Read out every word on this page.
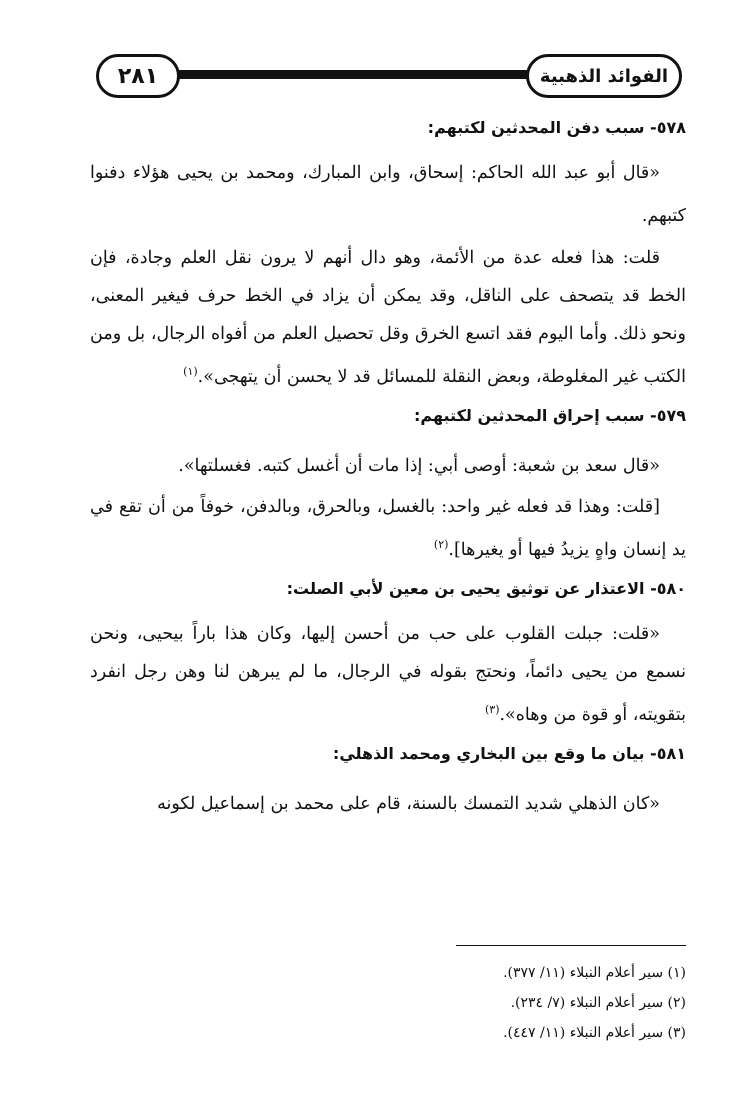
٢٨١	الفوائد الذهبية
٥٧٨- سبب دفن المحدثين لكتبهم:

«قال أبو عبد الله الحاكم: إسحاق، وابن المبارك، ومحمد بن يحيى هؤلاء دفنوا كتبهم.

قلت: هذا فعله عدة من الأئمة، وهو دال أنهم لا يرون نقل العلم وجادة، فإن الخط قد يتصحف على الناقل، وقد يمكن أن يزاد في الخط حرف فيغير المعنى، ونحو ذلك. وأما اليوم فقد اتسع الخرق وقل تحصيل العلم من أفواه الرجال، بل ومن الكتب غير المغلوطة، وبعض النقلة للمسائل قد لا يحسن أن يتهجى».$^{(١)}$

٥٧٩- سبب إحراق المحدثين لكتبهم:

«قال سعد بن شعبة: أوصى أبي: إذا مات أن أغسل كتبه. فغسلتها».

[قلت: وهذا قد فعله غير واحد: بالغسل، وبالحرق، وبالدفن، خوفاً من أن تقع في يد إنسان واهٍ يزيدُ فيها أو يغيرها].$^{(٢)}$

٥٨٠- الاعتذار عن توثيق يحيى بن معين لأبي الصلت:

«قلت: جبلت القلوب على حب من أحسن إليها، وكان هذا باراً بيحيى، ونحن نسمع من يحيى دائماً، ونحتج بقوله في الرجال، ما لم يبرهن لنا وهن رجل انفرد بتقويته، أو قوة من وهاه».$^{(٣)}$

٥٨١- بيان ما وقع بين البخاري ومحمد الذهلي:

«كان الذهلي شديد التمسك بالسنة، قام على محمد بن إسماعيل لكونه

(١) سير أعلام النبلاء (١١/ ٣٧٧).
(٢) سير أعلام النبلاء (٧/ ٢٣٤).
(٣) سير أعلام النبلاء (١١/ ٤٤٧).
